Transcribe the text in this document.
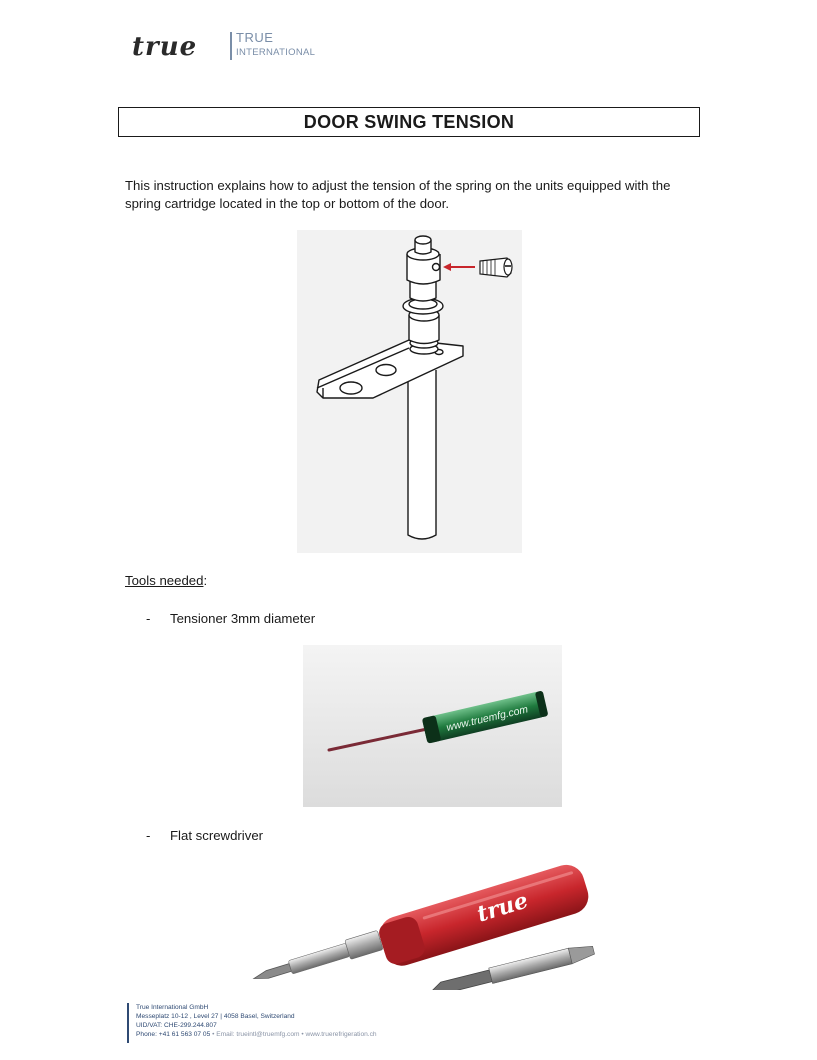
true	TRUE
INTERNATIONAL
DOOR SWING TENSION
This instruction explains how to adjust the tension of the spring on the units equipped with the spring cartridge located in the top or bottom of the door.
Tools needed:
-	Tensioner 3mm diameter
www.truemfg.com
-	Flat screwdriver
true
True International GmbH
Messeplatz 10-12 , Level 27 | 4058 Basel, Switzerland
UID/VAT: CHE-299.244.807
Phone: +41 61 563 07 05 • Email: trueintl@truemfg.com • www.truerefrigeration.ch
